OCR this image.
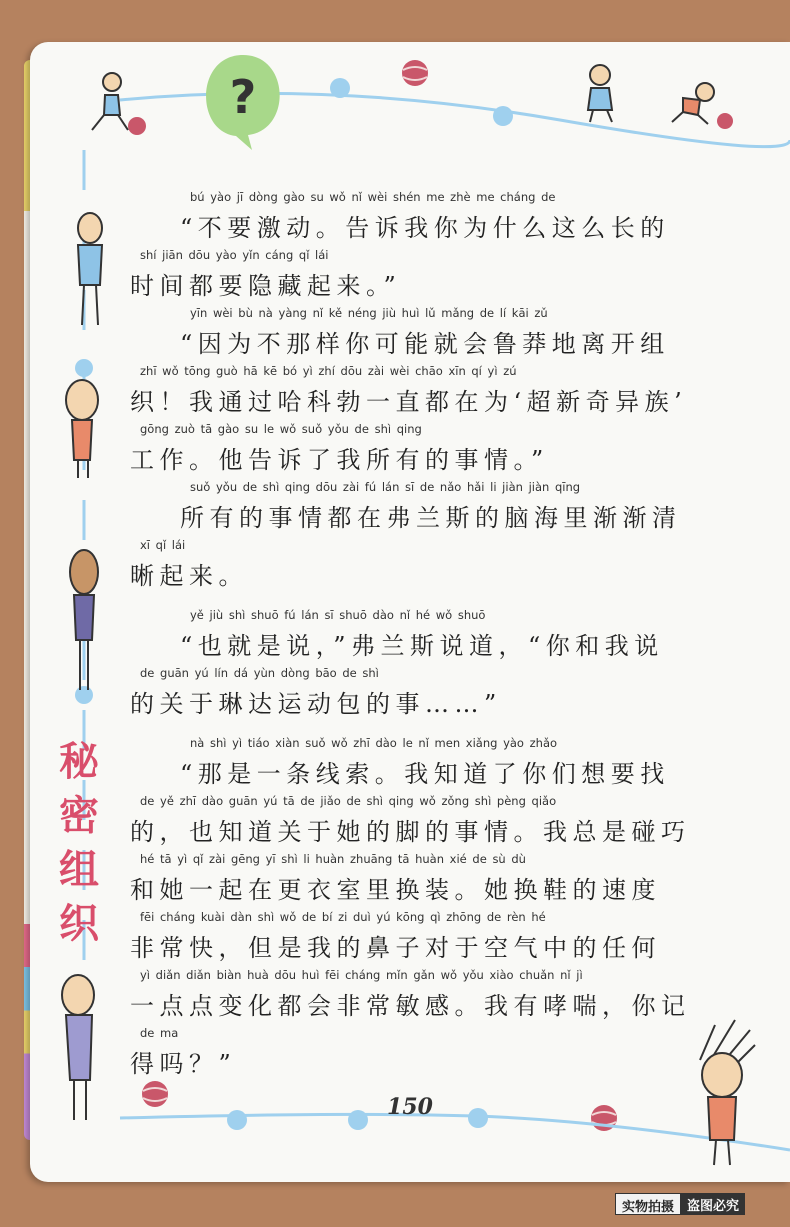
?
秘密组织
bú yào jī dòng gào su wǒ nǐ wèi shén me zhè me cháng de
“不要激动。告诉我你为什么这么长的
shí jiān dōu yào yǐn cáng qǐ lái
时间都要隐藏起来。”
yīn wèi bù nà yàng nǐ kě néng jiù huì lǔ mǎng de lí kāi zǔ
“因为不那样你可能就会鲁莽地离开组
zhī wǒ tōng guò hā kē bó yì zhí dōu zài wèi chāo xīn qí yì zú
织！我通过哈科勃一直都在为‘超新奇异族’
gōng zuò tā gào su le wǒ suǒ yǒu de shì qing
工作。他告诉了我所有的事情。”
suǒ yǒu de shì qing dōu zài fú lán sī de nǎo hǎi li jiàn jiàn qīng
所有的事情都在弗兰斯的脑海里渐渐清
xī qǐ lái
晰起来。
yě jiù shì shuō fú lán sī shuō dào nǐ hé wǒ shuō
“也就是说，”弗兰斯说道，“你和我说
de guān yú lín dá yùn dòng bāo de shì
的关于琳达运动包的事……”
nà shì yì tiáo xiàn suǒ wǒ zhī dào le nǐ men xiǎng yào zhǎo
“那是一条线索。我知道了你们想要找
de yě zhī dào guān yú tā de jiǎo de shì qing wǒ zǒng shì pèng qiǎo
的，也知道关于她的脚的事情。我总是碰巧
hé tā yì qǐ zài gēng yī shì li huàn zhuāng tā huàn xié de sù dù
和她一起在更衣室里换装。她换鞋的速度
fēi cháng kuài dàn shì wǒ de bí zi duì yú kōng qì zhōng de rèn hé
非常快，但是我的鼻子对于空气中的任何
yì diǎn diǎn biàn huà dōu huì fēi cháng mǐn gǎn wǒ yǒu xiào chuǎn nǐ jì
一点点变化都会非常敏感。我有哮喘，你记
de ma
得吗？”
150
实物拍摄	盗图必究
